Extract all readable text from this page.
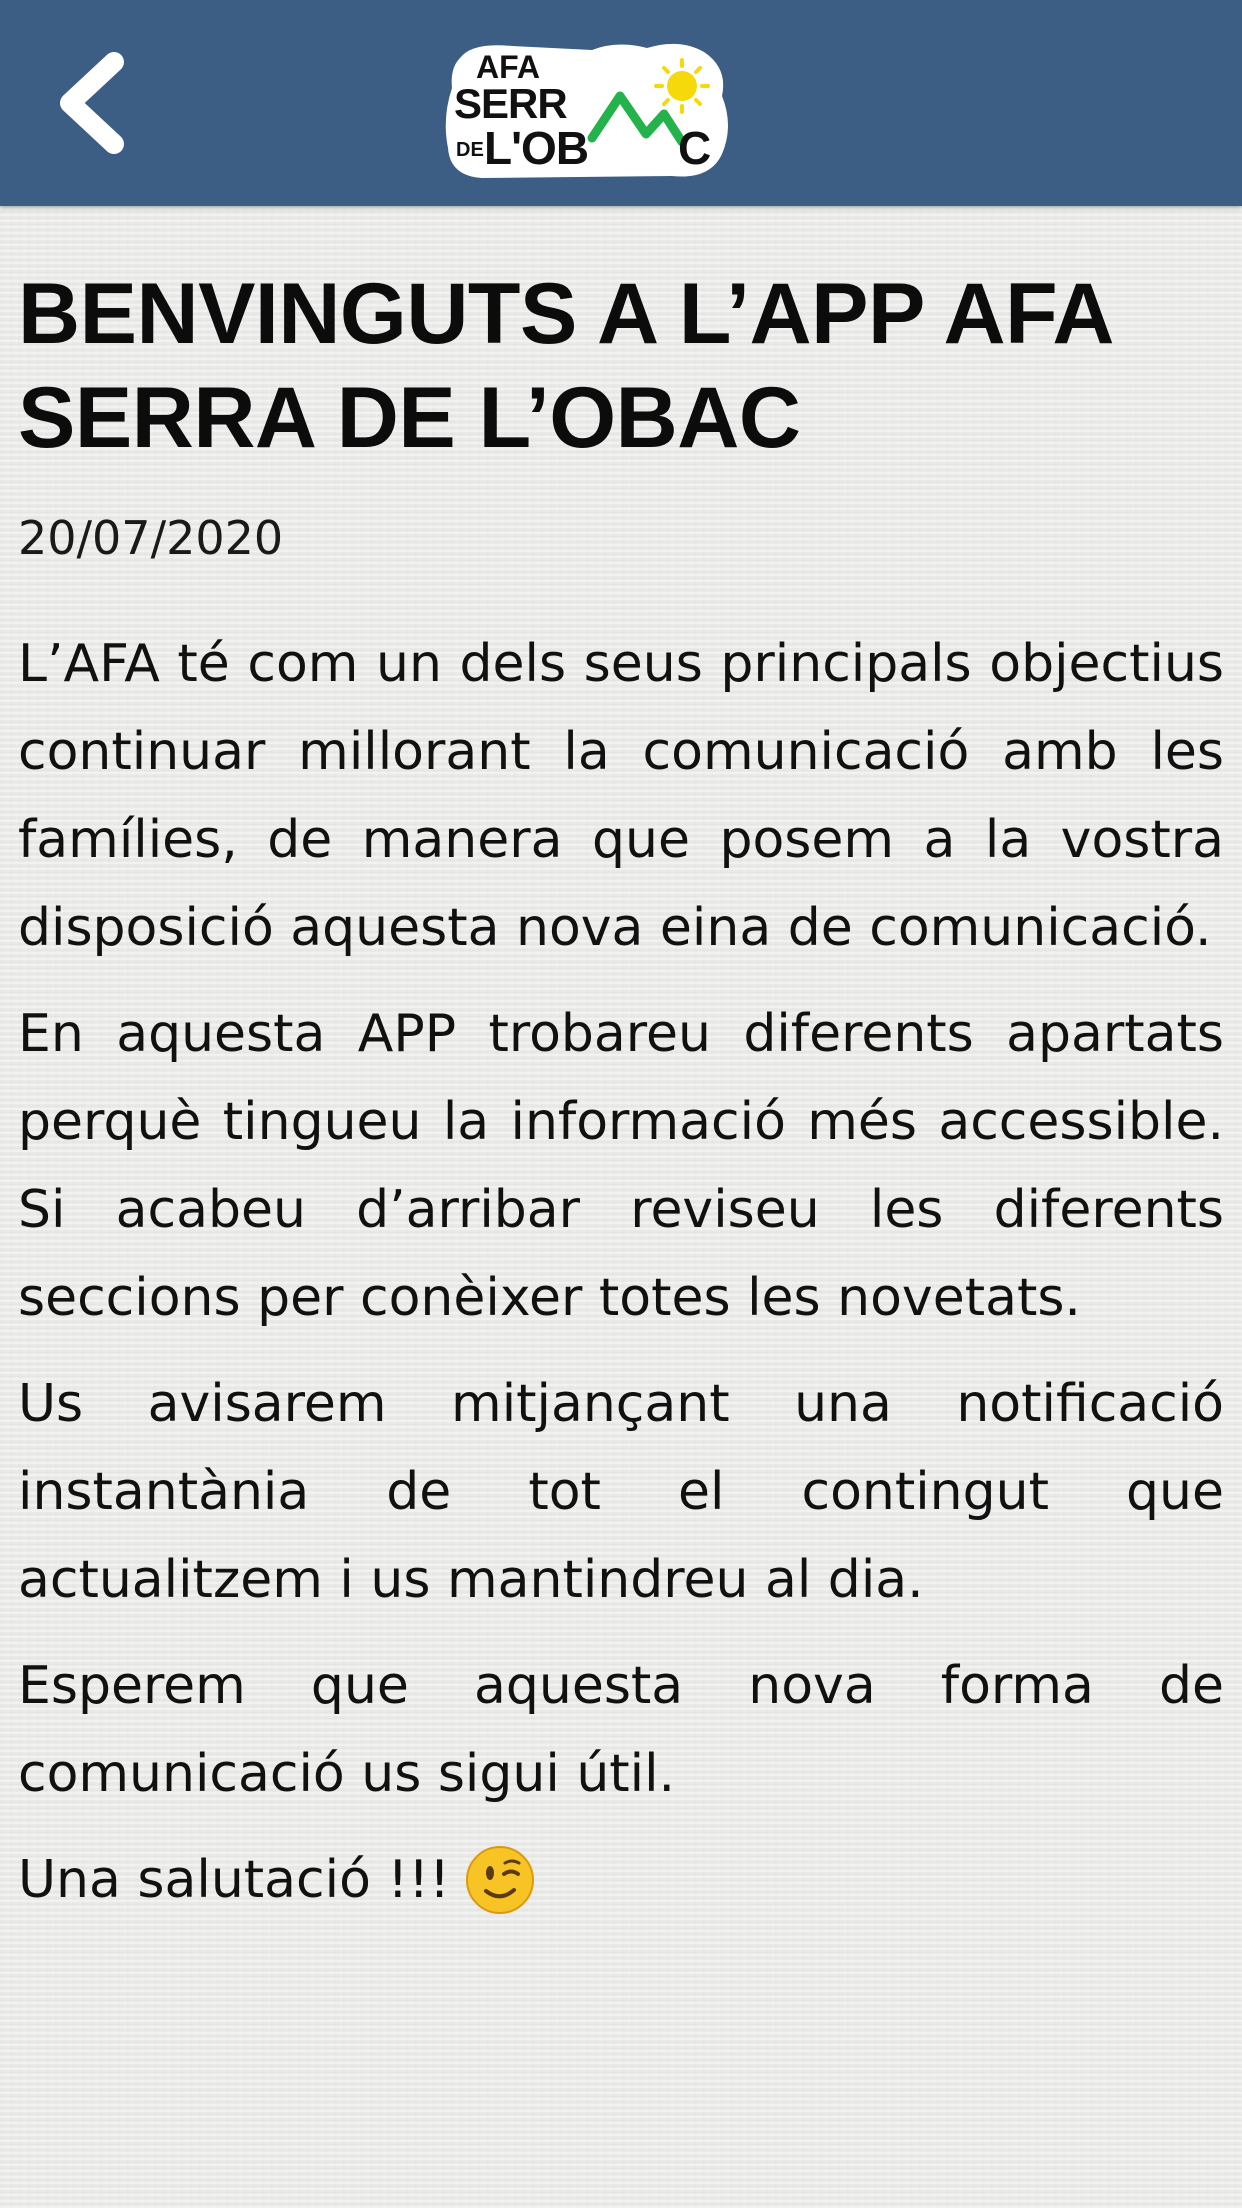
AFA
SERR
DE L'OB C
BENVINGUTS A L’APP AFA SERRA DE L’OBAC
20/07/2020

L’AFA té com un dels seus principals objectius continuar millorant la comunicació amb les famílies, de manera que posem a la vostra disposició aquesta nova eina de comunicació.

En aquesta APP trobareu diferents apartats perquè tingueu la informació més accessible. Si acabeu d’arribar reviseu les diferents seccions per conèixer totes les novetats.

Us avisarem mitjançant una notificació instantània de tot el contingut que actualitzem i us mantindreu al dia.

Esperem que aquesta nova forma de comunicació us sigui útil.

Una salutació !!!
